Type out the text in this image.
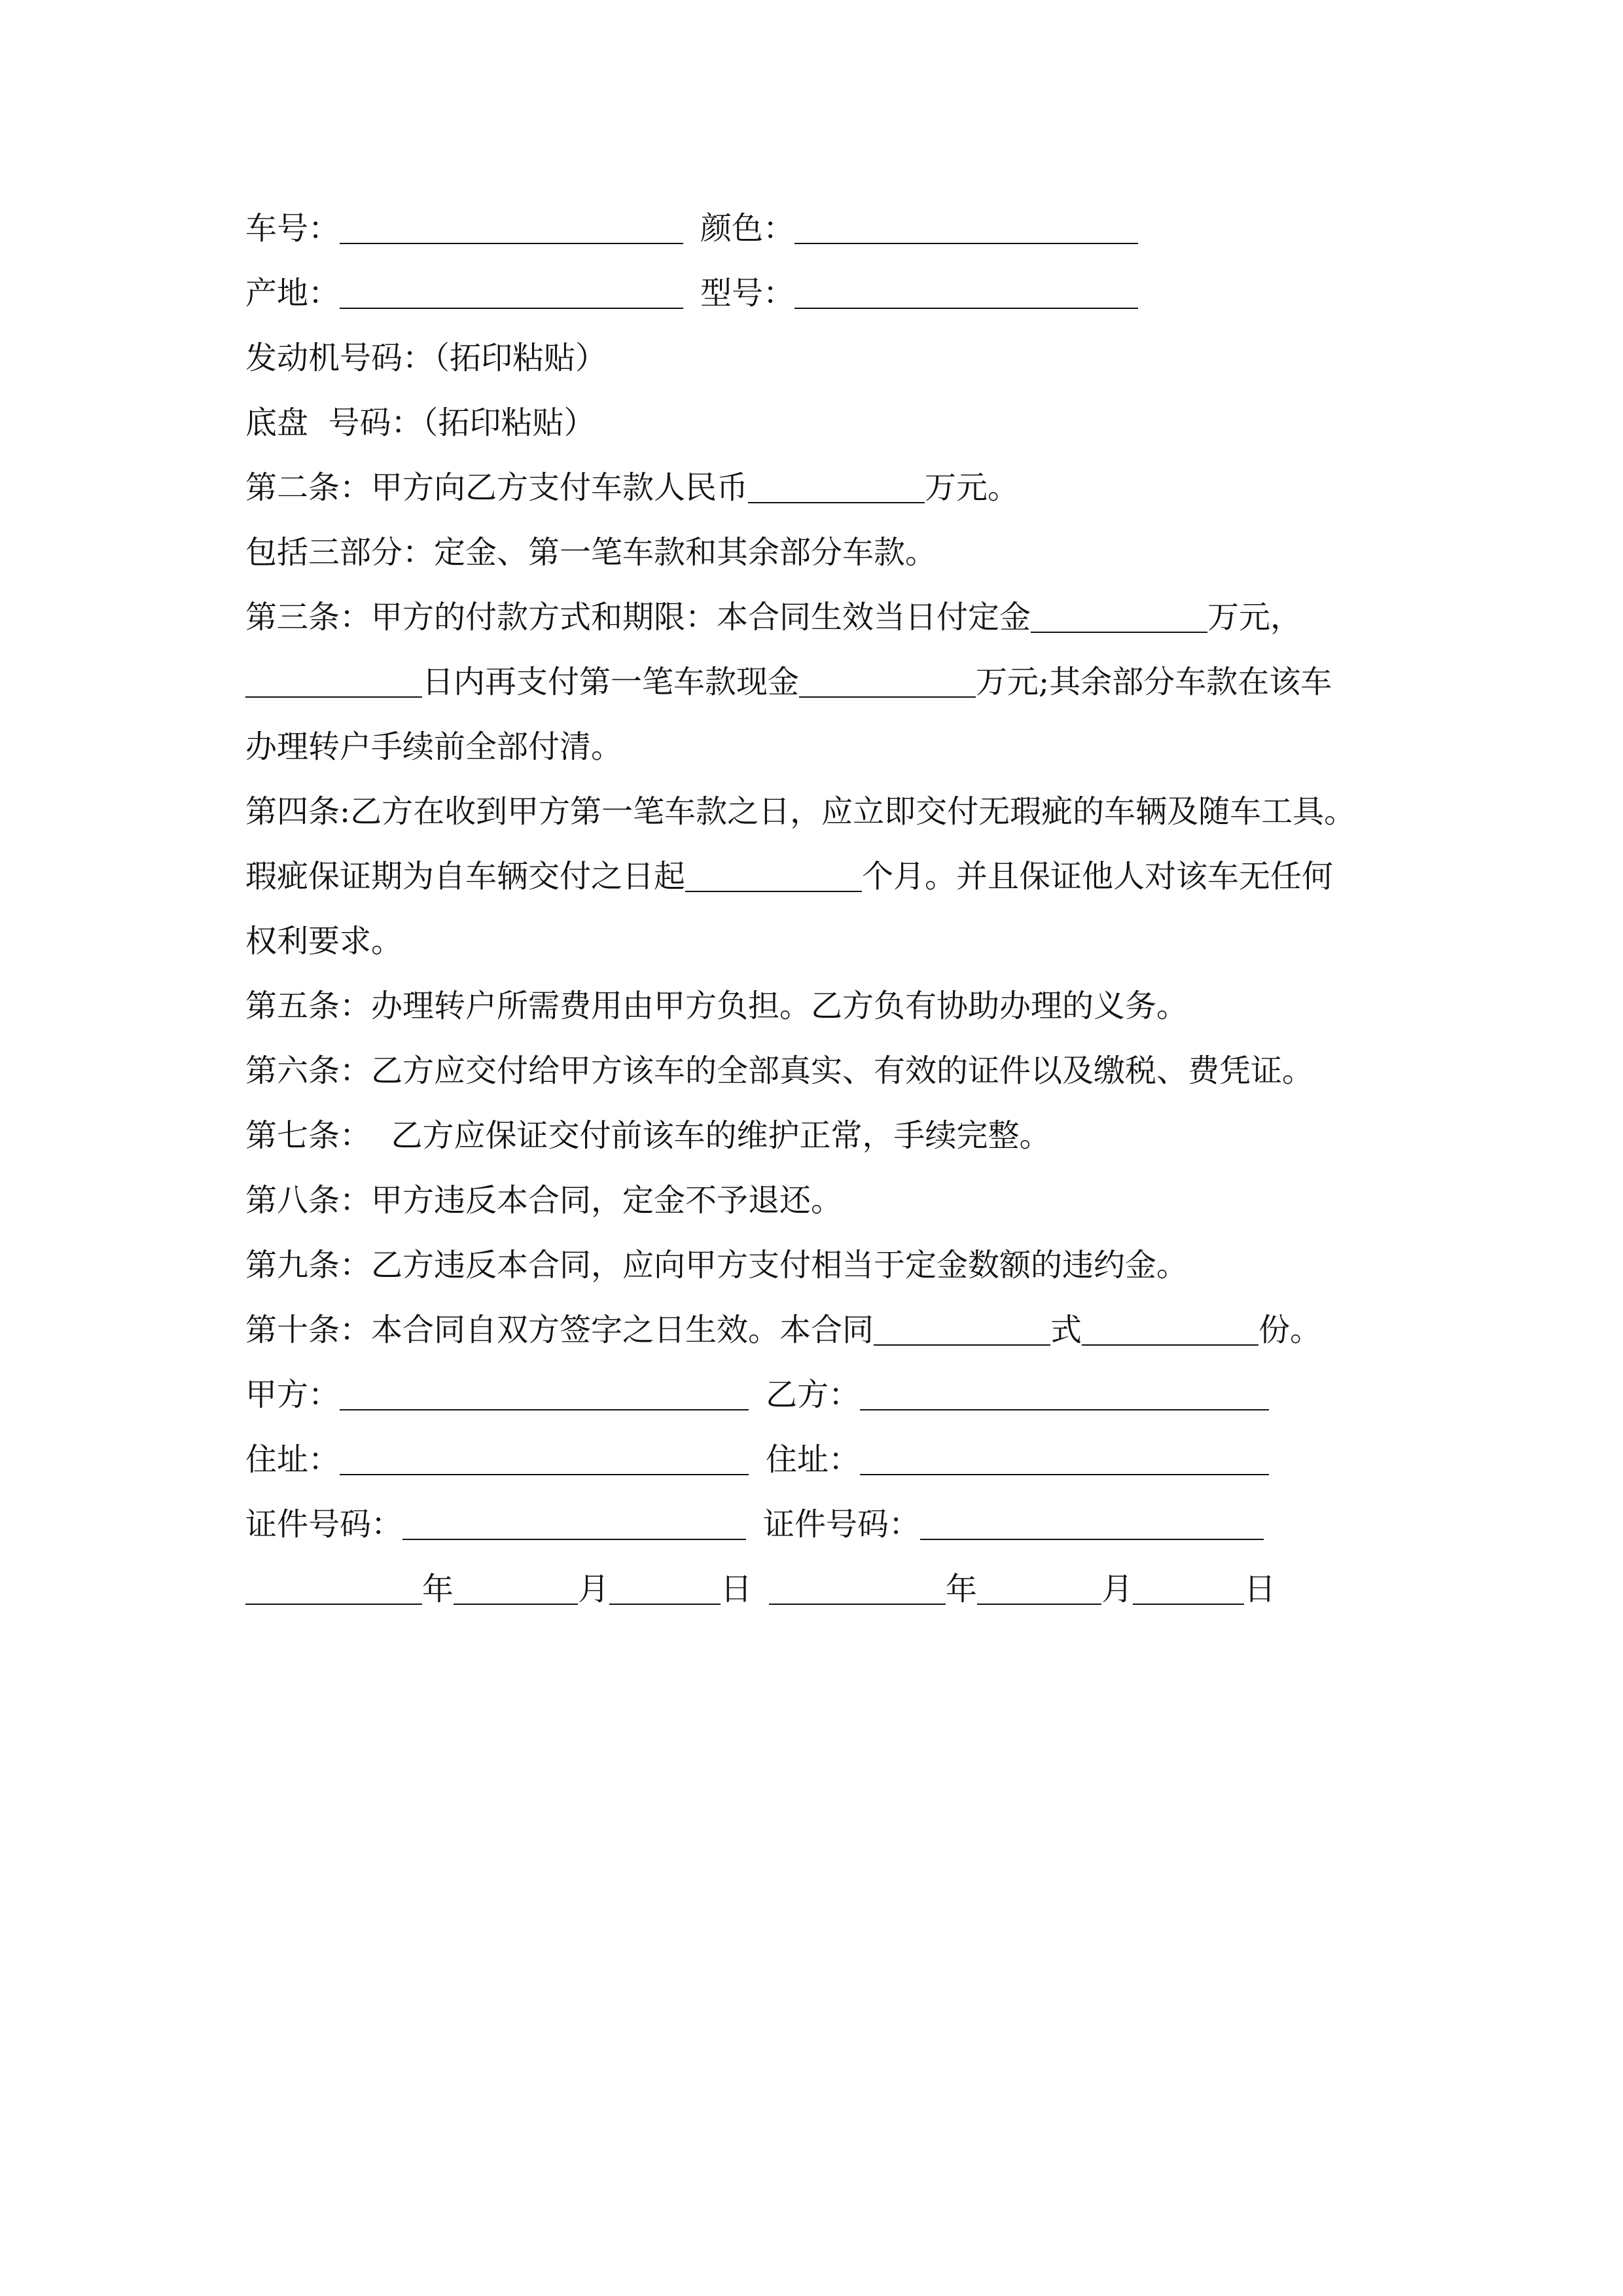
车号：	颜色：
产地：	型号：
发动机号码：（拓印粘贴）
底盘  号码：（拓印粘贴）
第二条：甲方向乙方支付车款人民币	万元。
包括三部分：定金、第一笔车款和其余部分车款。
第三条：甲方的付款方式和期限：本合同生效当日付定金	万元，
日内再支付第一笔车款现金	万元;其余部分车款在该车
办理转户手续前全部付清。
第四条:乙方在收到甲方第一笔车款之日，应立即交付无瑕疵的车辆及随车工具。
瑕疵保证期为自车辆交付之日起	个月。并且保证他人对该车无任何
权利要求。
第五条：办理转户所需费用由甲方负担。乙方负有协助办理的义务。
第六条：乙方应交付给甲方该车的全部真实、有效的证件以及缴税、费凭证。
第七条：  乙方应保证交付前该车的维护正常，手续完整。
第八条：甲方违反本合同，定金不予退还。
第九条：乙方违反本合同，应向甲方支付相当于定金数额的违约金。
第十条：本合同自双方签字之日生效。本合同	式	份。
甲方：	乙方：
住址：	住址：
证件号码：	证件号码：
年	月	日	年	月	日
